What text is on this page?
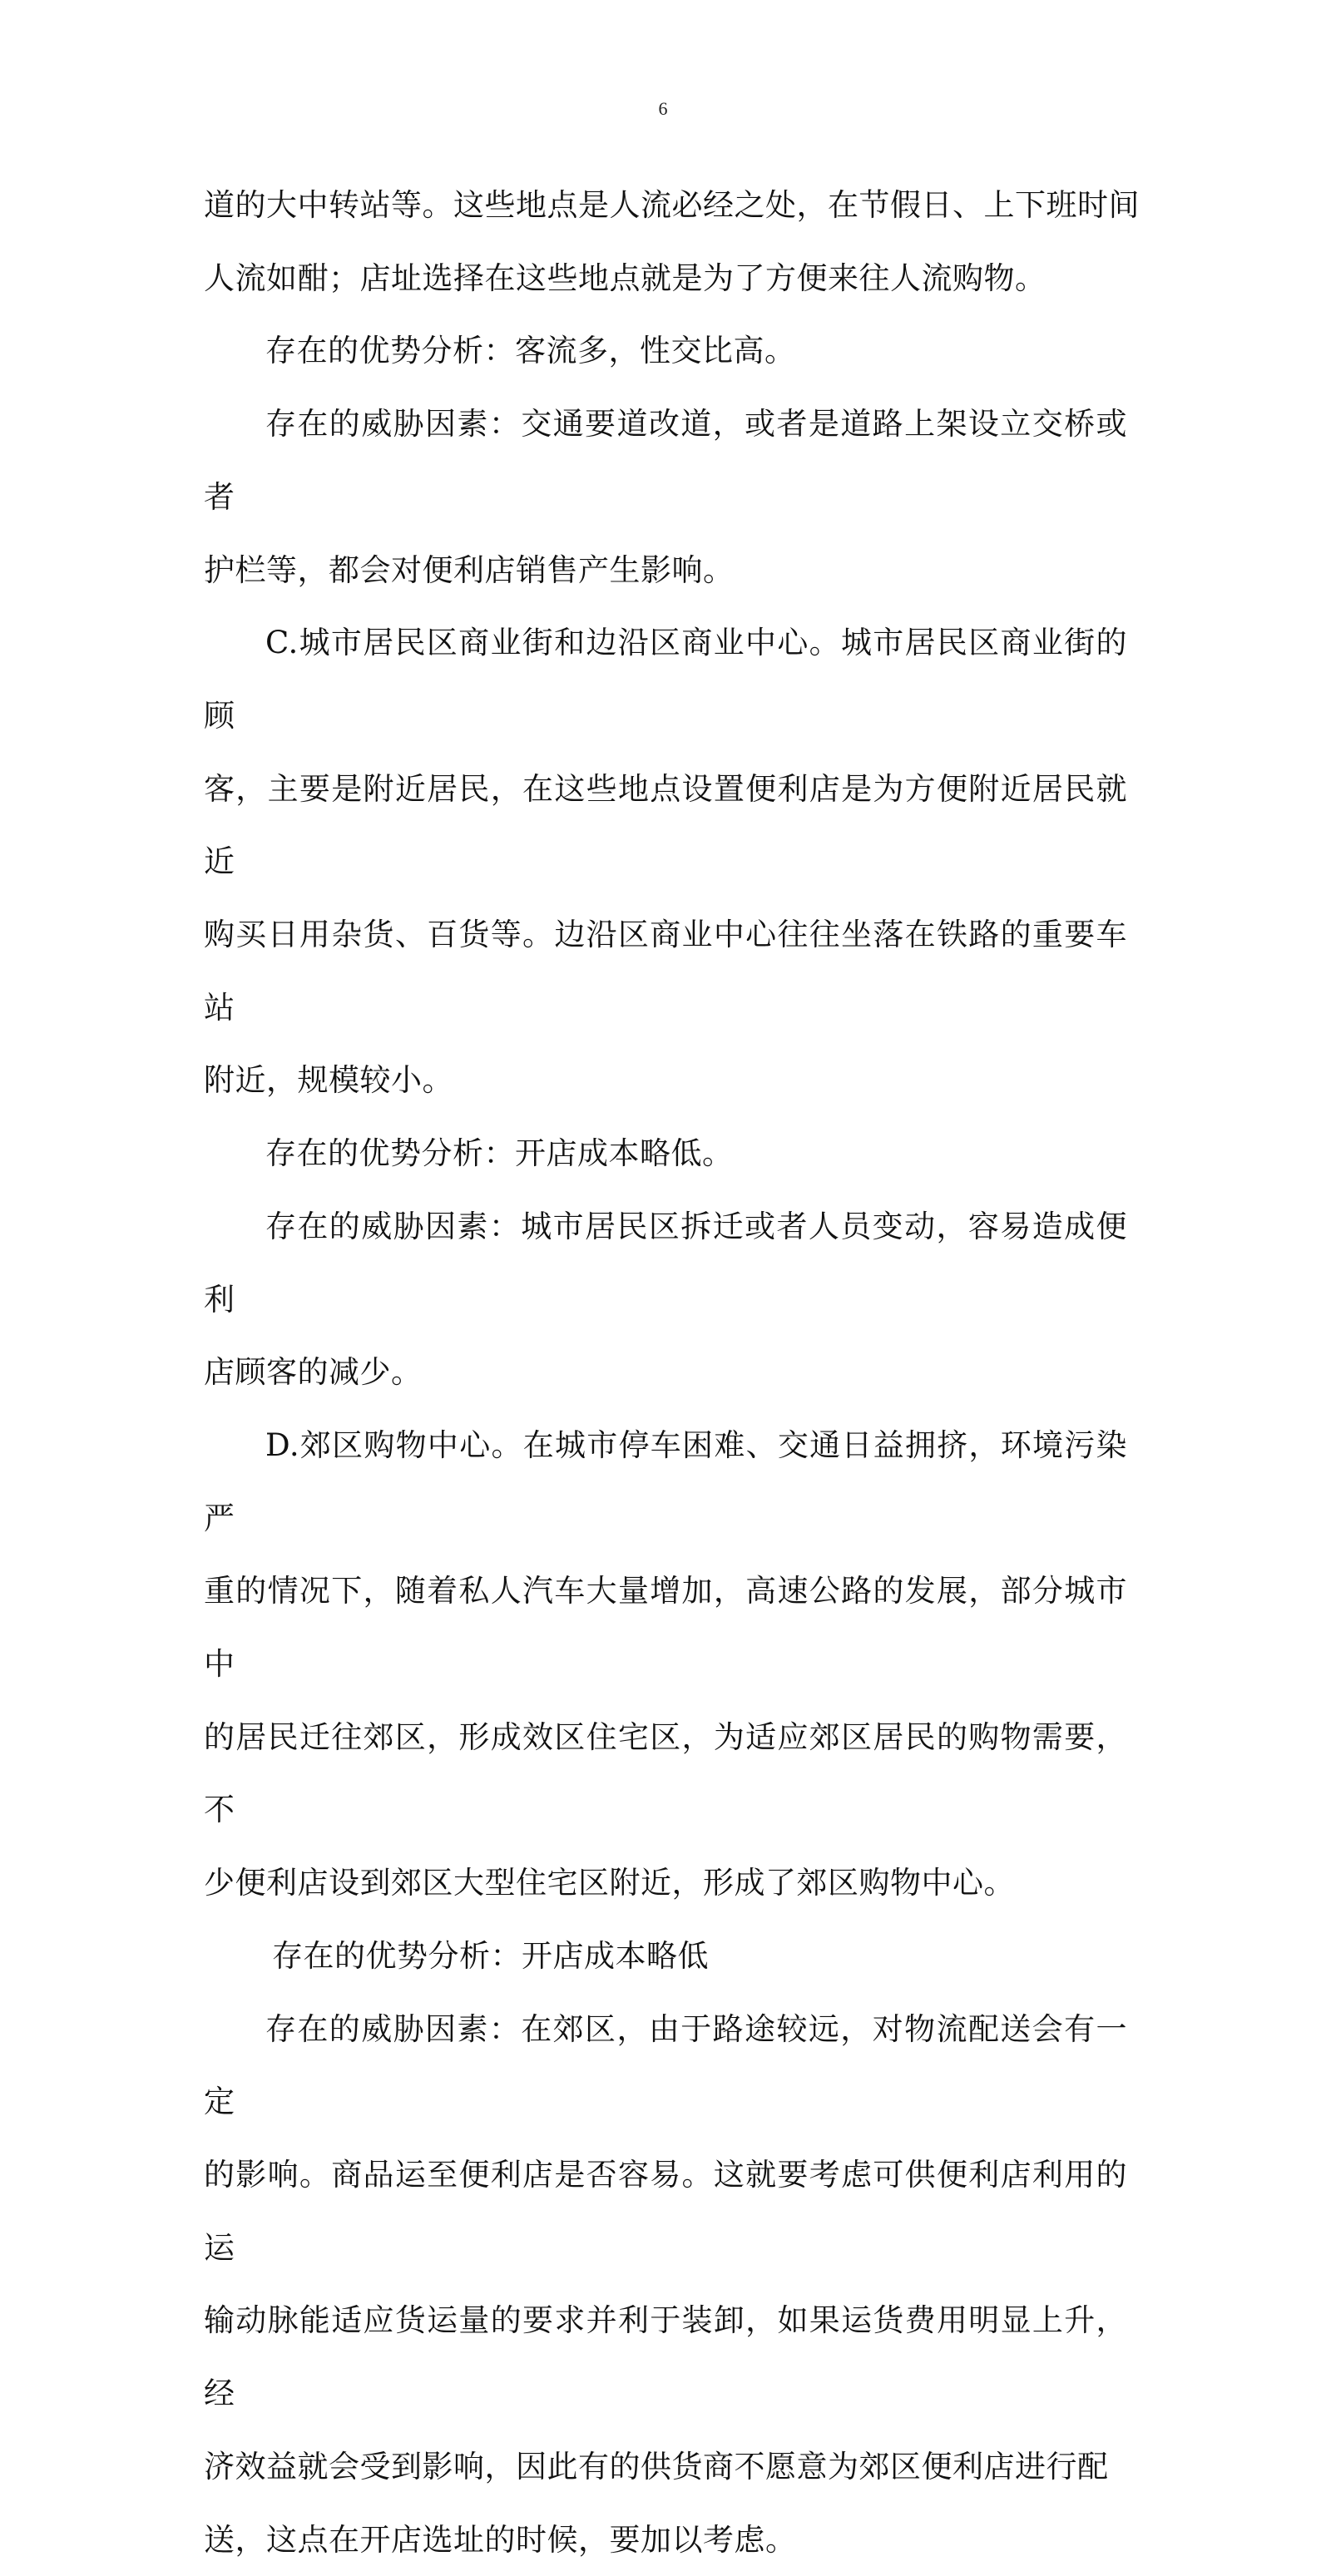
6

道的大中转站等。这些地点是人流必经之处，在节假日、上下班时间
人流如酣；店址选择在这些地点就是为了方便来往人流购物。

存在的优势分析：客流多，性交比高。

存在的威胁因素：交通要道改道，或者是道路上架设立交桥或者
护栏等，都会对便利店销售产生影响。

C.城市居民区商业街和边沿区商业中心。城市居民区商业街的顾
客，主要是附近居民，在这些地点设置便利店是为方便附近居民就近
购买日用杂货、百货等。边沿区商业中心往往坐落在铁路的重要车站
附近，规模较小。

存在的优势分析：开店成本略低。

存在的威胁因素：城市居民区拆迁或者人员变动，容易造成便利
店顾客的减少。

D.郊区购物中心。在城市停车困难、交通日益拥挤，环境污染严
重的情况下，随着私人汽车大量增加，高速公路的发展，部分城市中
的居民迁往郊区，形成效区住宅区，为适应郊区居民的购物需要，不
少便利店设到郊区大型住宅区附近，形成了郊区购物中心。

存在的优势分析：开店成本略低

存在的威胁因素：在郊区，由于路途较远，对物流配送会有一定
的影响。商品运至便利店是否容易。这就要考虑可供便利店利用的运
输动脉能适应货运量的要求并利于装卸，如果运货费用明显上升，经
济效益就会受到影响，因此有的供货商不愿意为郊区便利店进行配
送，这点在开店选址的时候，要加以考虑。
